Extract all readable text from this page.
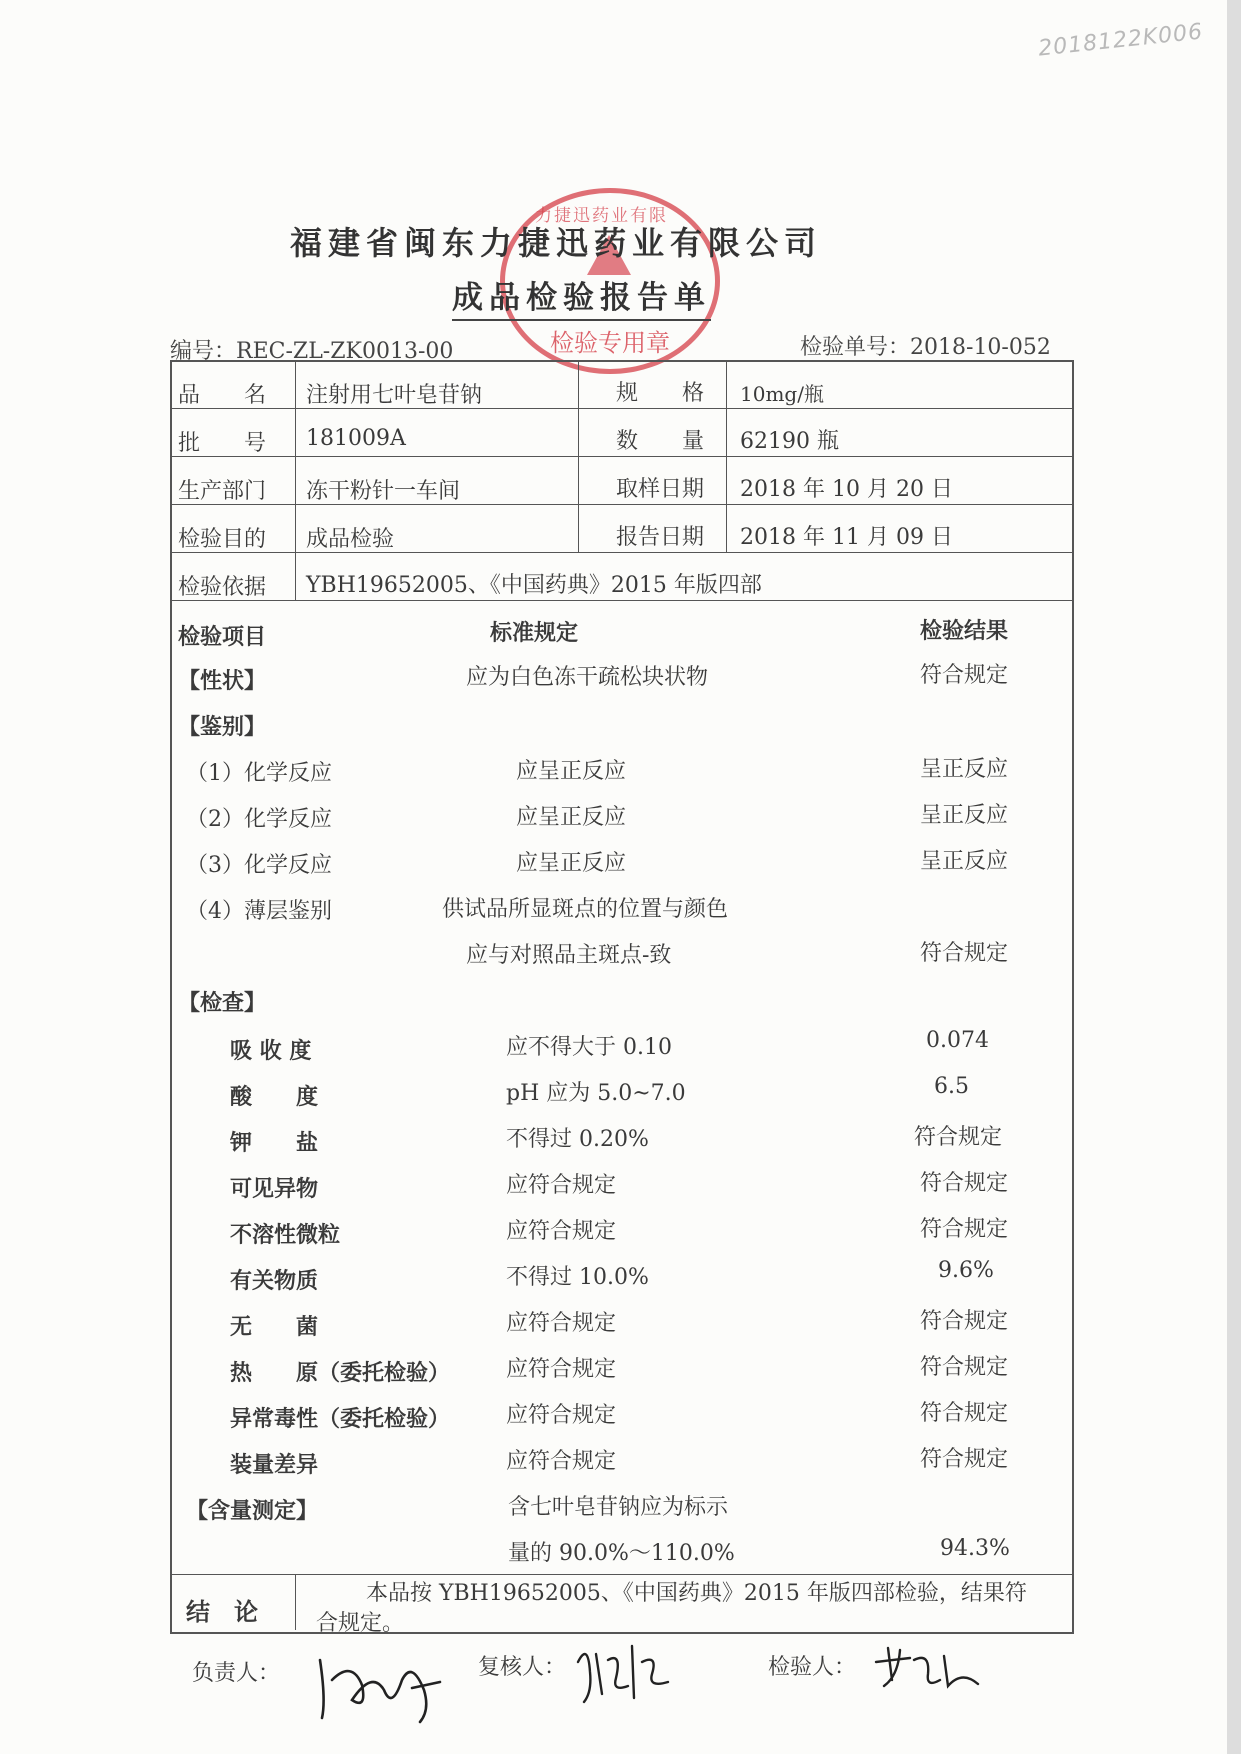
2018122K006
力捷迅药业有限
检验专用章
福建省闽东力捷迅药业有限公司
成品检验报告单
编号：REC-ZL-ZK0013-00	检验单号：2018-10-052
品　　名 注射用七叶皂苷钠	规　　格 10mg/瓶
批　　号 181009A	数　　量 62190 瓶
生产部门 冻干粉针一车间	取样日期 2018 年 10 月 20 日
检验目的 成品检验	报告日期 2018 年 11 月 09 日
检验依据 YBH19652005、《中国药典》2015 年版四部
检验项目	标准规定	检验结果
【性状】	应为白色冻干疏松块状物	符合规定
【鉴别】
（1）化学反应	应呈正反应	呈正反应
（2）化学反应	应呈正反应	呈正反应
（3）化学反应	应呈正反应	呈正反应
（4）薄层鉴别	供试品所显斑点的位置与颜色
应与对照品主斑点-致	符合规定
【检查】
吸 收 度	应不得大于 0.10	0.074
酸　　度	pH 应为 5.0~7.0	6.5
钾　　盐	不得过 0.20%	符合规定
可见异物	应符合规定	符合规定
不溶性微粒	应符合规定	符合规定
有关物质	不得过 10.0%	9.6%
无　　菌	应符合规定	符合规定
热　　原（委托检验）	应符合规定	符合规定
异常毒性（委托检验）	应符合规定	符合规定
装量差异	应符合规定	符合规定
【含量测定】	含七叶皂苷钠应为标示
量的 90.0%～110.0%	94.3%
结　论
本品按 YBH19652005、《中国药典》2015 年版四部检验，结果符
合规定。
负责人：	复核人：	检验人：
